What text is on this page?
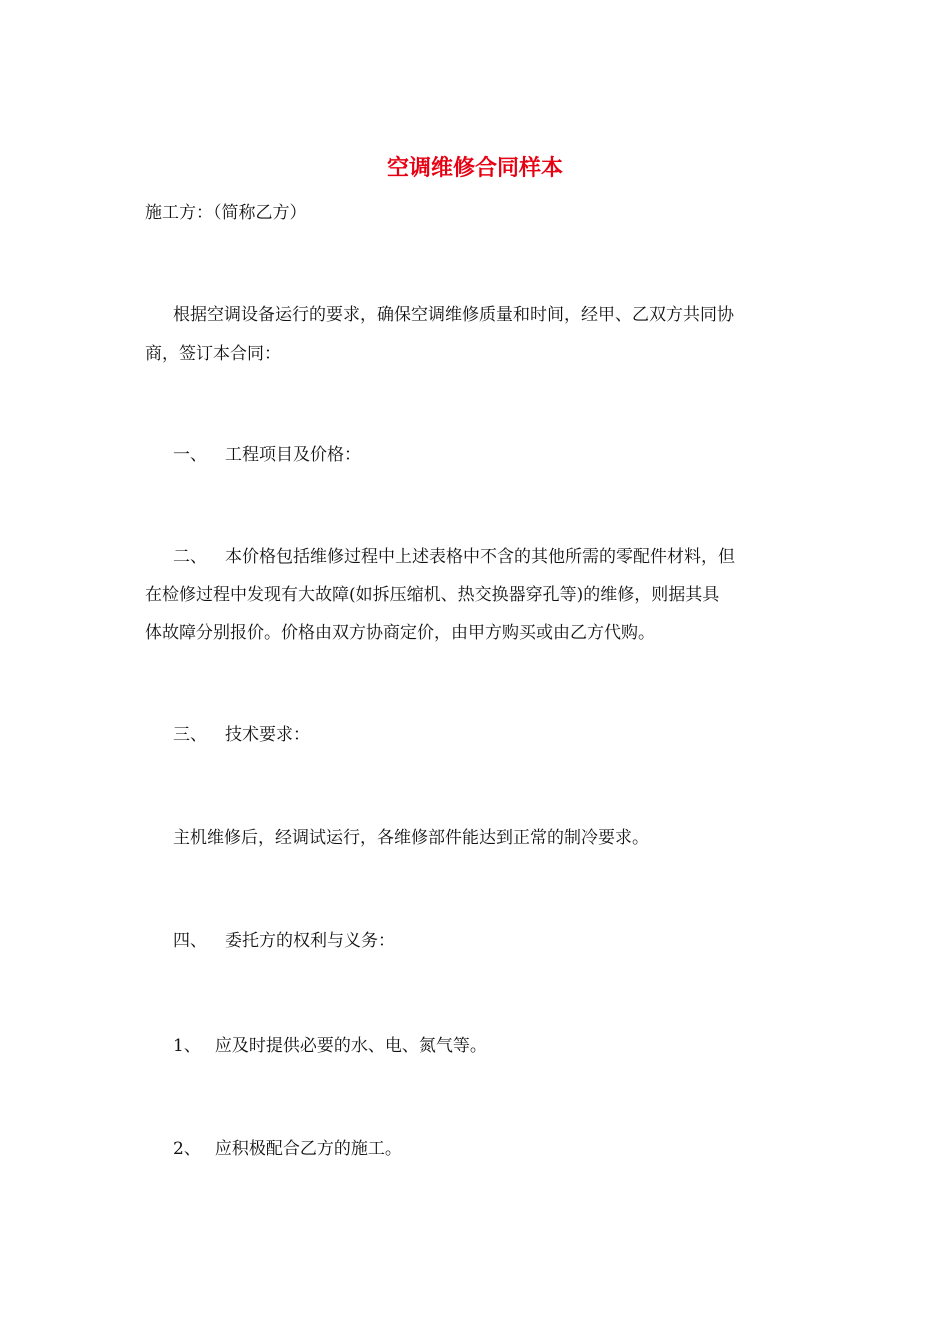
空调维修合同样本
施工方：（简称乙方）
根据空调设备运行的要求，确保空调维修质量和时间，经甲、乙双方共同协
商，签订本合同：
一、 工程项目及价格：
二、 本价格包括维修过程中上述表格中不含的其他所需的零配件材料，但
在检修过程中发现有大故障(如拆压缩机、热交换器穿孔等)的维修，则据其具
体故障分别报价。价格由双方协商定价，由甲方购买或由乙方代购。
三、 技术要求：
主机维修后，经调试运行，各维修部件能达到正常的制冷要求。
四、 委托方的权利与义务：
1、 应及时提供必要的水、电、氮气等。
2、 应积极配合乙方的施工。
